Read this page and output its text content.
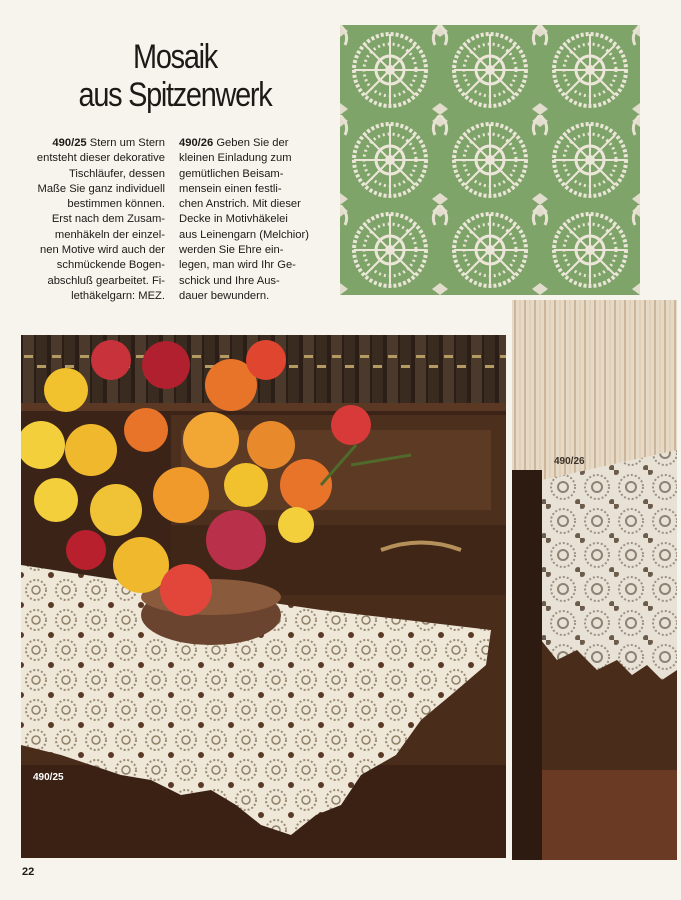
Mosaik
aus Spitzenwerk
490/25 Stern um Stern
entsteht dieser dekorative
Tischläufer, dessen
Maße Sie ganz individuell
bestimmen können.
Erst nach dem Zusam-
menhäkeln der einzel-
nen Motive wird auch der
schmückende Bogen-
abschluß gearbeitet. Fi-
lethäkelgarn: MEZ.
490/26 Geben Sie der
kleinen Einladung zum
gemütlichen Beisam-
mensein einen festli-
chen Anstrich. Mit dieser
Decke in Motivhäkelei
aus Leinengarn (Melchior)
werden Sie Ehre ein-
legen, man wird Ihr Ge-
schick und Ihre Aus-
dauer bewundern.
490/26
490/25
22
